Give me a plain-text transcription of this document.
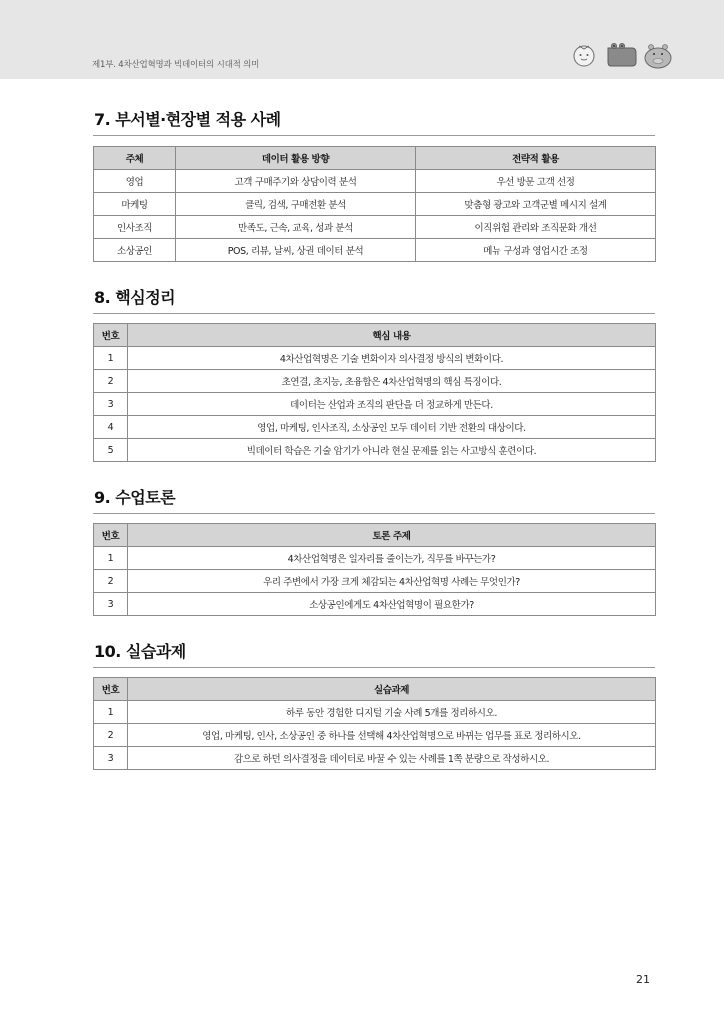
제1부. 4차산업혁명과 빅데이터의 시대적 의미
7. 부서별·현장별 적용 사례
주체	데이터 활용 방향	전략적 활용
영업	고객 구매주기와 상담이력 분석	우선 방문 고객 선정
마케팅	클릭, 검색, 구매전환 분석	맞춤형 광고와 고객군별 메시지 설계
인사조직	만족도, 근속, 교육, 성과 분석	이직위험 관리와 조직문화 개선
소상공인	POS, 리뷰, 날씨, 상권 데이터 분석	메뉴 구성과 영업시간 조정
8. 핵심정리
번호	핵심 내용
1	4차산업혁명은 기술 변화이자 의사결정 방식의 변화이다.
2	초연결, 초지능, 초융합은 4차산업혁명의 핵심 특징이다.
3	데이터는 산업과 조직의 판단을 더 정교하게 만든다.
4	영업, 마케팅, 인사조직, 소상공인 모두 데이터 기반 전환의 대상이다.
5	빅데이터 학습은 기술 암기가 아니라 현실 문제를 읽는 사고방식 훈련이다.
9. 수업토론
번호	토론 주제
1	4차산업혁명은 일자리를 줄이는가, 직무를 바꾸는가?
2	우리 주변에서 가장 크게 체감되는 4차산업혁명 사례는 무엇인가?
3	소상공인에게도 4차산업혁명이 필요한가?
10. 실습과제
번호	실습과제
1	하루 동안 경험한 디지털 기술 사례 5개를 정리하시오.
2	영업, 마케팅, 인사, 소상공인 중 하나를 선택해 4차산업혁명으로 바뀌는 업무를 표로 정리하시오.
3	감으로 하던 의사결정을 데이터로 바꿀 수 있는 사례를 1쪽 분량으로 작성하시오.
21
